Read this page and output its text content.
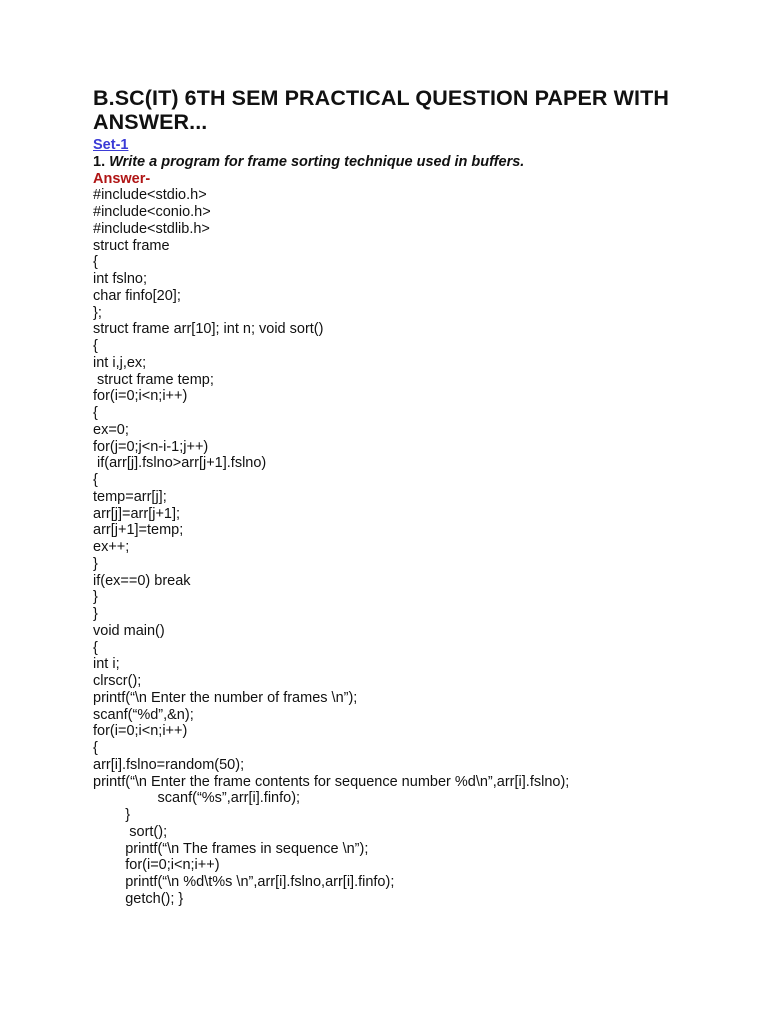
B.SC(IT) 6TH SEM PRACTICAL QUESTION PAPER WITH ANSWER...
Set-1
1. Write a program for frame sorting technique used in buffers.
Answer-
#include<stdio.h>
#include<conio.h>
#include<stdlib.h>
struct frame
{
int fslno;
char finfo[20];
};
struct frame arr[10]; int n; void sort()
{
int i,j,ex;
struct frame temp;
for(i=0;i<n;i++)
{
ex=0;
for(j=0;j<n-i-1;j++)
if(arr[j].fslno>arr[j+1].fslno)
{
temp=arr[j];
arr[j]=arr[j+1];
arr[j+1]=temp;
ex++;
}
if(ex==0) break
}
}
void main()
{
int i;
clrscr();
printf(“\n Enter the number of frames \n”);
scanf(“%d”,&n);
for(i=0;i<n;i++)
{
arr[i].fslno=random(50);
printf(“\n Enter the frame contents for sequence number %d\n”,arr[i].fslno);
scanf(“%s”,arr[i].finfo);
}
sort();
printf(“\n The frames in sequence \n”);
for(i=0;i<n;i++)
printf(“\n %d\t%s \n”,arr[i].fslno,arr[i].finfo);
getch(); }
